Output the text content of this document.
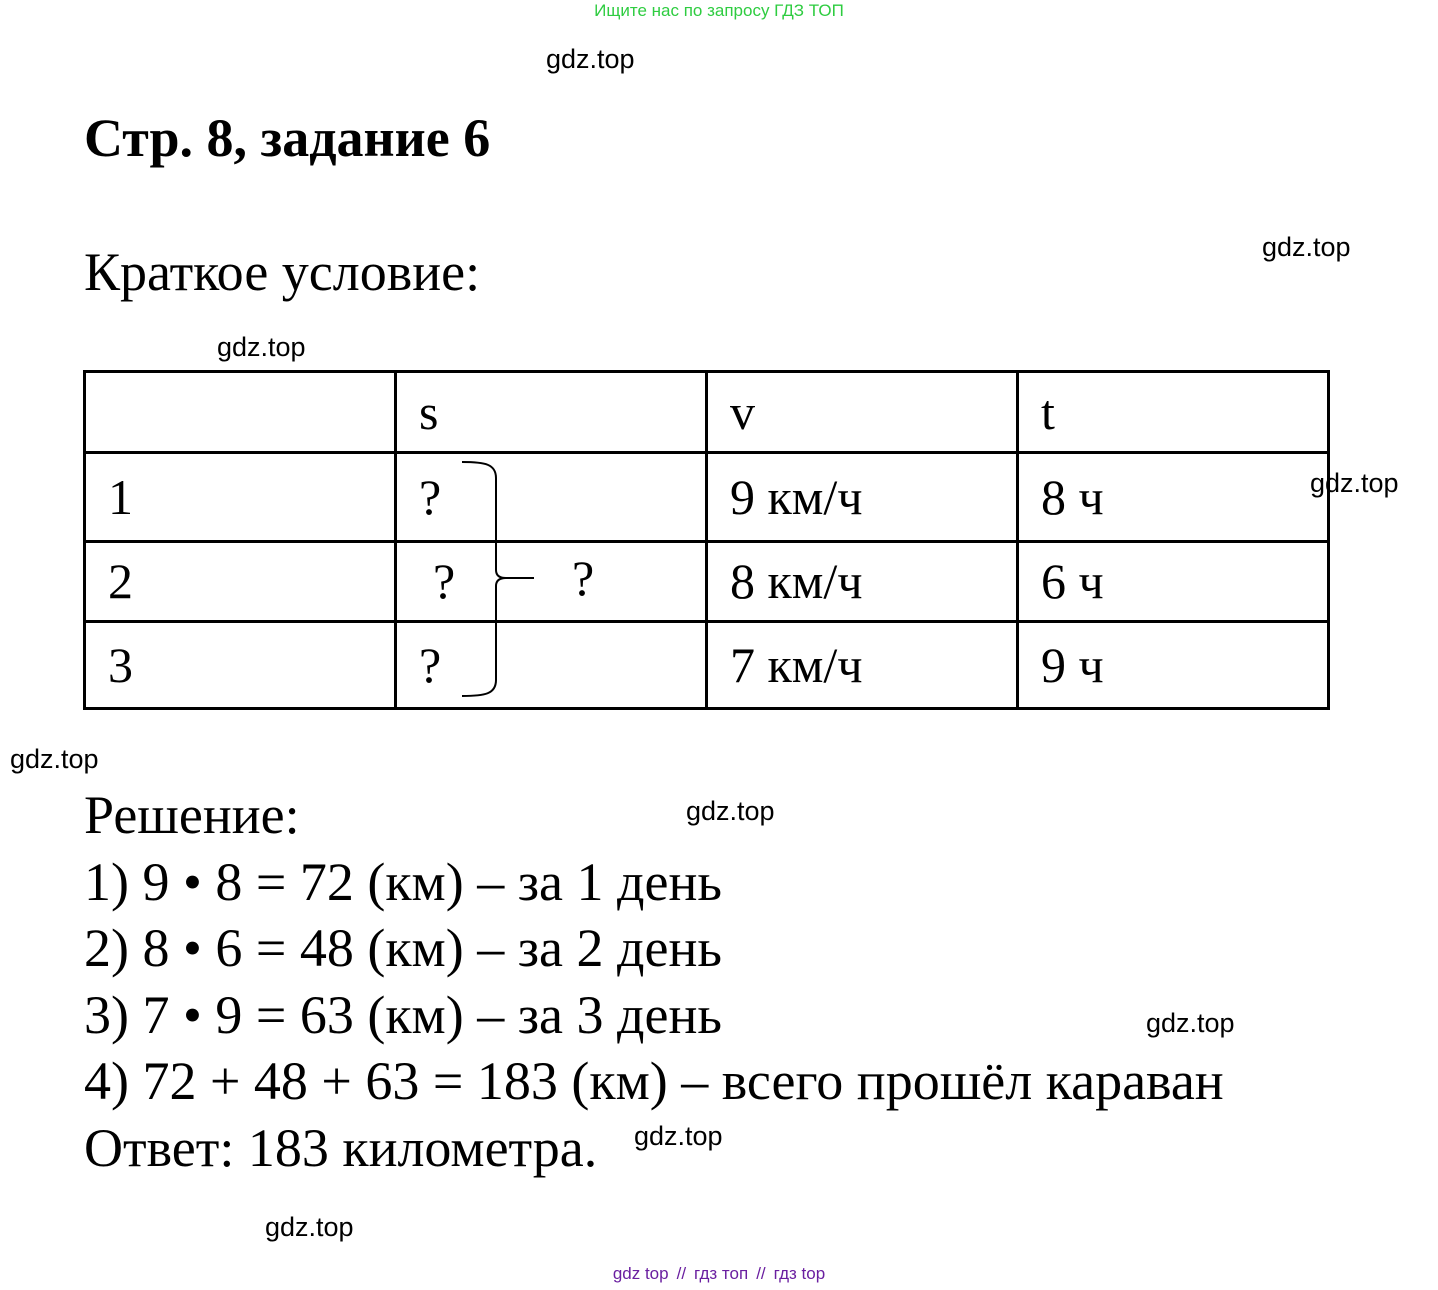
Ищите нас по запросу ГДЗ ТОП
gdz.top
Стр. 8, задание 6
gdz.top
Краткое условие:
gdz.top
	s	v	t
1	?	9 км/ч	8 ч
2	?	8 км/ч	6 ч
3	?	7 км/ч	9 ч
?
gdz.top
gdz.top
gdz.top
gdz.top
gdz.top
gdz.top
Решение:
1) 9 • 8 = 72 (км) – за 1 день
2) 8 • 6 = 48 (км) – за 2 день
3) 7 • 9 = 63 (км) – за 3 день
4) 72 + 48 + 63 = 183 (км) – всего прошёл караван
Ответ: 183 километра.
gdz top // гдз топ // гдз top
